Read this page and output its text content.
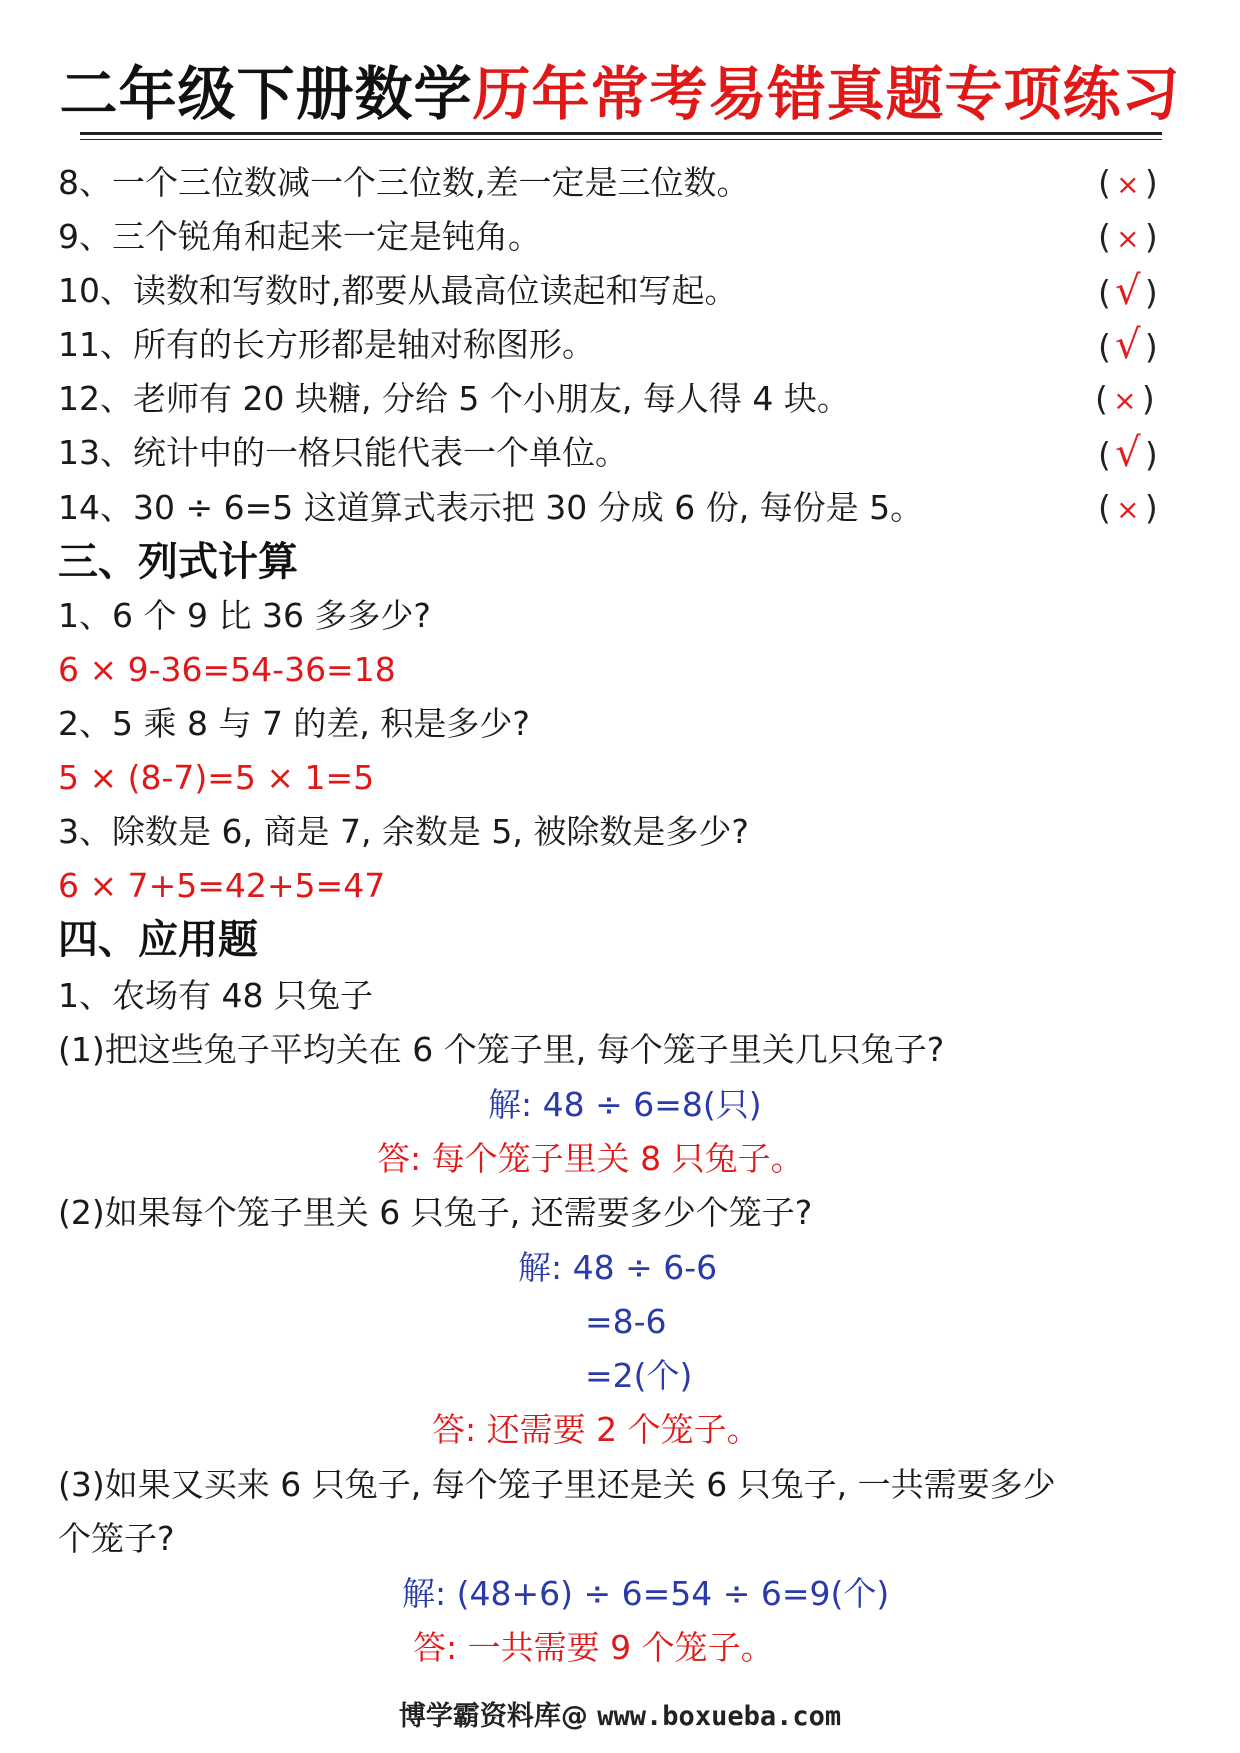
二年级下册数学历年常考易错真题专项练习
8、一个三位数减一个三位数,差一定是三位数。	( × )
9、三个锐角和起来一定是钝角。	( × )
10、读数和写数时,都要从最高位读起和写起。	( √ )
11、所有的长方形都是轴对称图形。	( √ )
12、老师有 20 块糖, 分给 5 个小朋友, 每人得 4 块。	( × )
13、统计中的一格只能代表一个单位。	( √ )
14、30 ÷ 6=5 这道算式表示把 30 分成 6 份, 每份是 5。	( × )
三、列式计算
1、6 个 9 比 36 多多少?
6 × 9-36=54-36=18
2、5 乘 8 与 7 的差, 积是多少?
5 × (8-7)=5 × 1=5
3、除数是 6, 商是 7, 余数是 5, 被除数是多少?
6 × 7+5=42+5=47
四、应用题
1、农场有 48 只兔子
(1)把这些兔子平均关在 6 个笼子里, 每个笼子里关几只兔子?
解: 48 ÷ 6=8(只)
答: 每个笼子里关 8 只兔子。
(2)如果每个笼子里关 6 只兔子, 还需要多少个笼子?
解: 48 ÷ 6-6
=8-6
=2(个)
答: 还需要 2 个笼子。
(3)如果又买来 6 只兔子, 每个笼子里还是关 6 只兔子, 一共需要多少
个笼子?
解: (48+6) ÷ 6=54 ÷ 6=9(个)
答: 一共需要 9 个笼子。
博学霸资料库@ www.boxueba.com
